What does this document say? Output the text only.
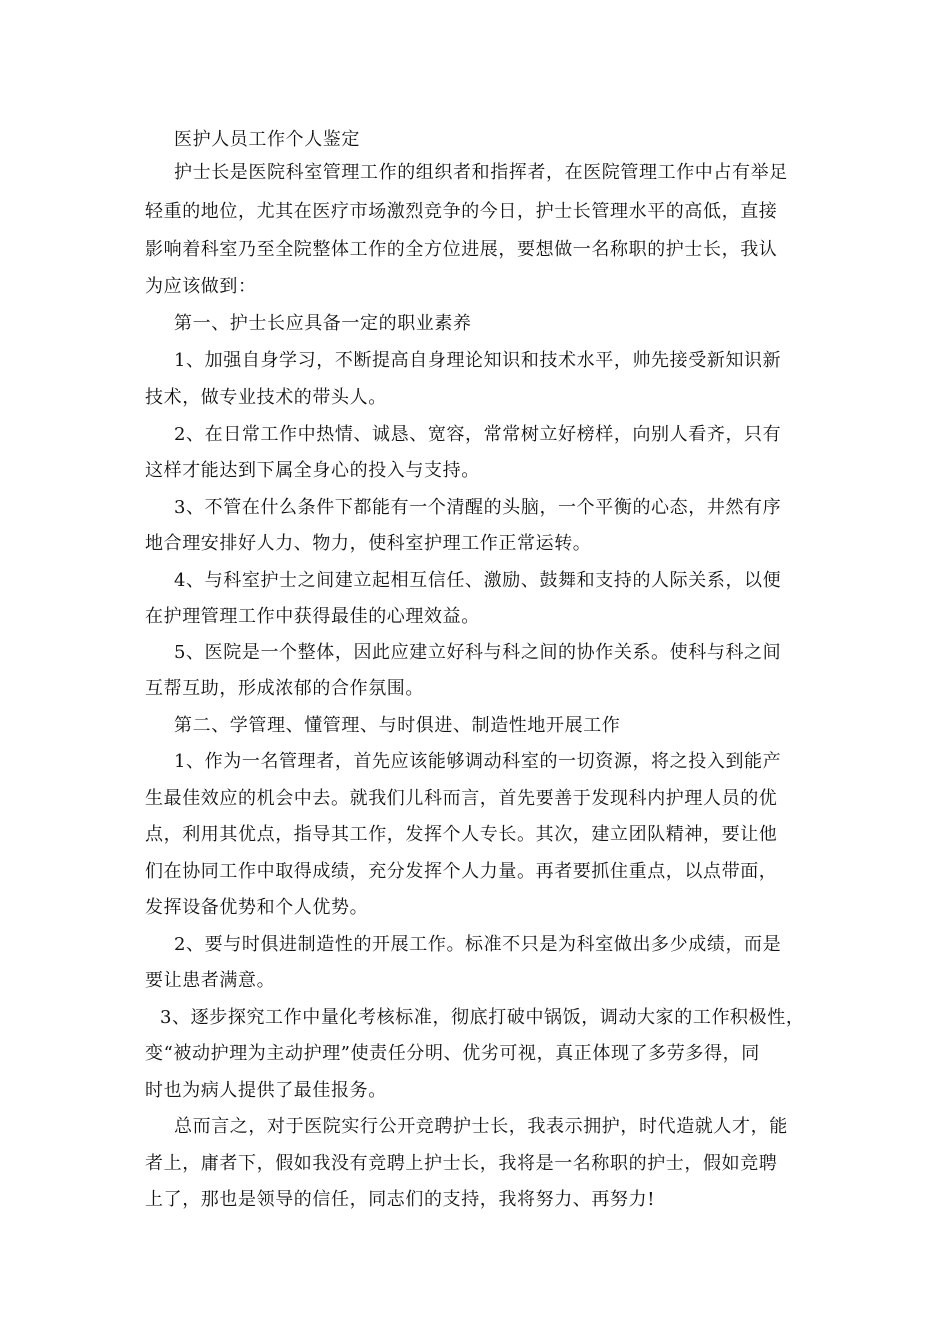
医护人员工作个人鉴定
护士长是医院科室管理工作的组织者和指挥者，在医院管理工作中占有举足
轻重的地位，尤其在医疗市场激烈竞争的今日，护士长管理水平的高低，直接
影响着科室乃至全院整体工作的全方位进展，要想做一名称职的护士长，我认
为应该做到：
第一、护士长应具备一定的职业素养
1、加强自身学习，不断提高自身理论知识和技术水平，帅先接受新知识新
技术，做专业技术的带头人。
2、在日常工作中热情、诚恳、宽容，常常树立好榜样，向别人看齐，只有
这样才能达到下属全身心的投入与支持。
3、不管在什么条件下都能有一个清醒的头脑，一个平衡的心态，井然有序
地合理安排好人力、物力，使科室护理工作正常运转。
4、与科室护士之间建立起相互信任、激励、鼓舞和支持的人际关系，以便
在护理管理工作中获得最佳的心理效益。
5、医院是一个整体，因此应建立好科与科之间的协作关系。使科与科之间
互帮互助，形成浓郁的合作氛围。
第二、学管理、懂管理、与时俱进、制造性地开展工作
1、作为一名管理者，首先应该能够调动科室的一切资源，将之投入到能产
生最佳效应的机会中去。就我们儿科而言，首先要善于发现科内护理人员的优
点，利用其优点，指导其工作，发挥个人专长。其次，建立团队精神，要让他
们在协同工作中取得成绩，充分发挥个人力量。再者要抓住重点，以点带面，
发挥设备优势和个人优势。
2、要与时俱进制造性的开展工作。标准不只是为科室做出多少成绩，而是
要让患者满意。
3、逐步探究工作中量化考核标准，彻底打破中锅饭，调动大家的工作积极性，
变“被动护理为主动护理”使责任分明、优劣可视，真正体现了多劳多得，同
时也为病人提供了最佳报务。
总而言之，对于医院实行公开竞聘护士长，我表示拥护，时代造就人才，能
者上，庸者下，假如我没有竞聘上护士长，我将是一名称职的护士，假如竞聘
上了，那也是领导的信任，同志们的支持，我将努力、再努力!
